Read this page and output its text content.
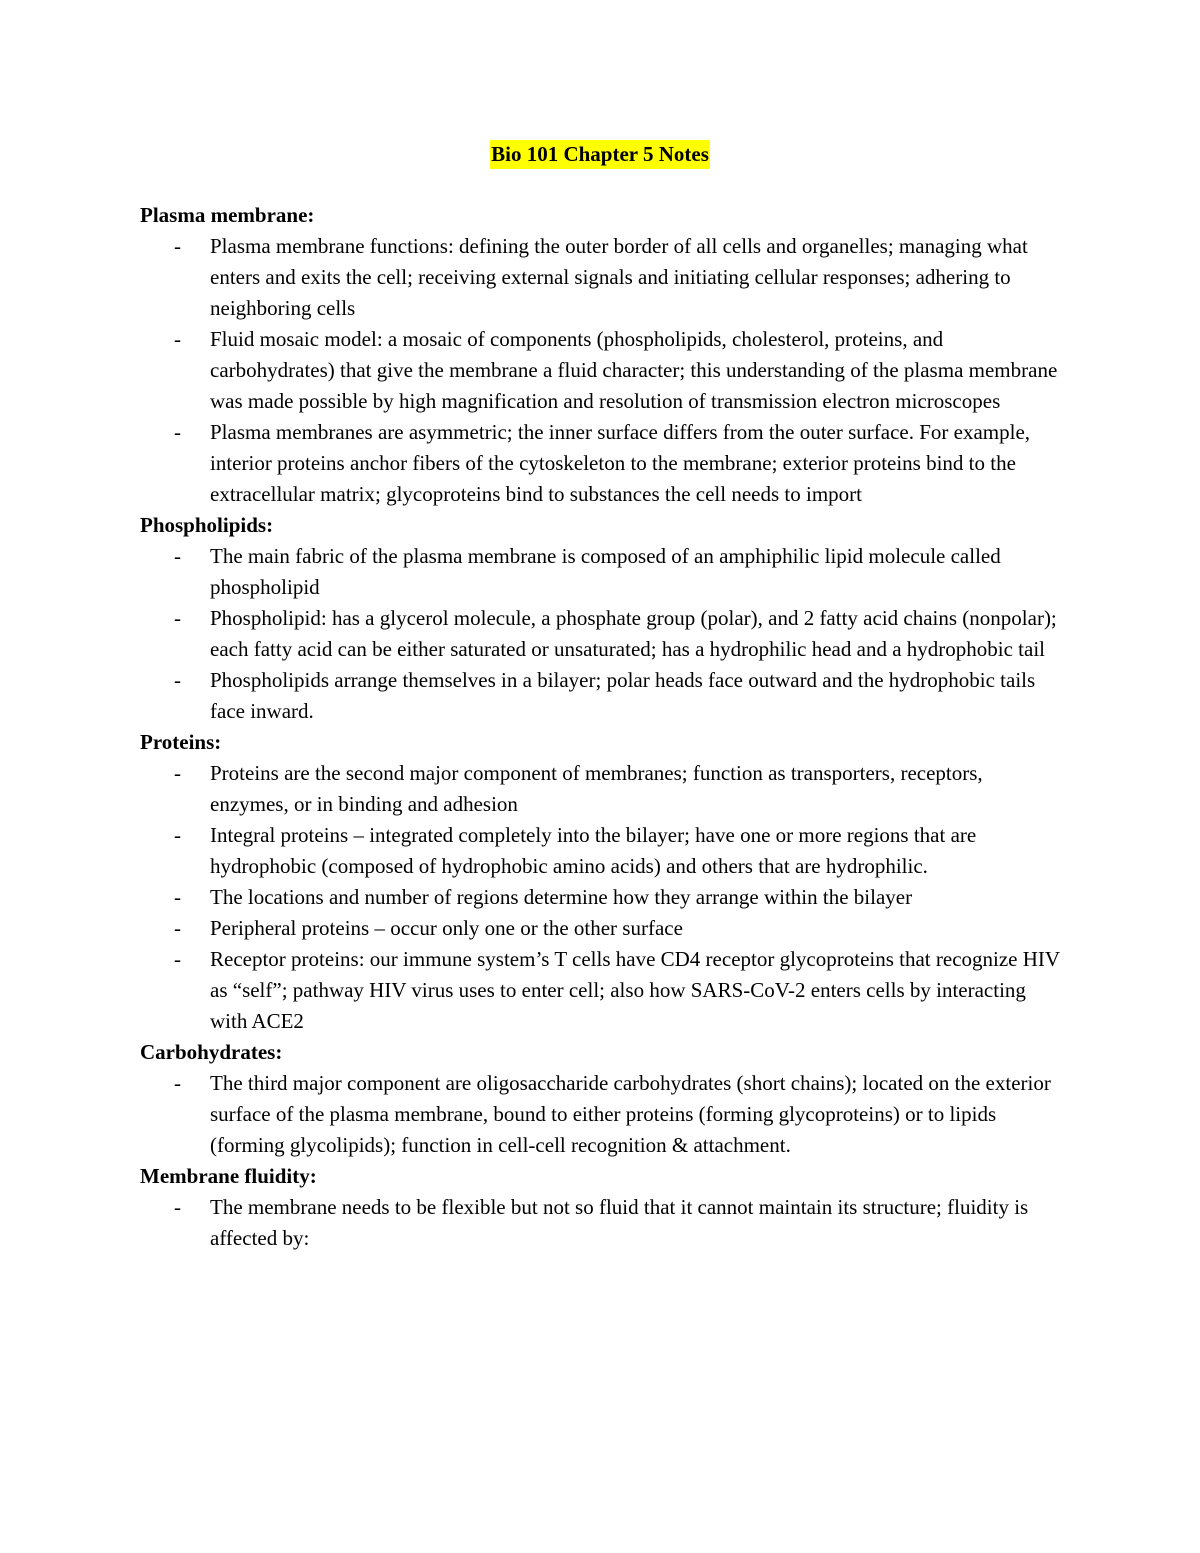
Bio 101 Chapter 5 Notes
Plasma membrane:
- Plasma membrane functions: defining the outer border of all cells and organelles; managing what enters and exits the cell; receiving external signals and initiating cellular responses; adhering to neighboring cells
- Fluid mosaic model: a mosaic of components (phospholipids, cholesterol, proteins, and carbohydrates) that give the membrane a fluid character; this understanding of the plasma membrane was made possible by high magnification and resolution of transmission electron microscopes
- Plasma membranes are asymmetric; the inner surface differs from the outer surface. For example, interior proteins anchor fibers of the cytoskeleton to the membrane; exterior proteins bind to the extracellular matrix; glycoproteins bind to substances the cell needs to import
Phospholipids:
- The main fabric of the plasma membrane is composed of an amphiphilic lipid molecule called phospholipid
- Phospholipid: has a glycerol molecule, a phosphate group (polar), and 2 fatty acid chains (nonpolar); each fatty acid can be either saturated or unsaturated; has a hydrophilic head and a hydrophobic tail
- Phospholipids arrange themselves in a bilayer; polar heads face outward and the hydrophobic tails face inward.
Proteins:
- Proteins are the second major component of membranes; function as transporters, receptors, enzymes, or in binding and adhesion
- Integral proteins – integrated completely into the bilayer; have one or more regions that are hydrophobic (composed of hydrophobic amino acids) and others that are hydrophilic.
- The locations and number of regions determine how they arrange within the bilayer
- Peripheral proteins – occur only one or the other surface
- Receptor proteins: our immune system’s T cells have CD4 receptor glycoproteins that recognize HIV as “self”; pathway HIV virus uses to enter cell; also how SARS-CoV-2 enters cells by interacting with ACE2
Carbohydrates:
- The third major component are oligosaccharide carbohydrates (short chains); located on the exterior surface of the plasma membrane, bound to either proteins (forming glycoproteins) or to lipids (forming glycolipids); function in cell-cell recognition & attachment.
Membrane fluidity:
- The membrane needs to be flexible but not so fluid that it cannot maintain its structure; fluidity is affected by:
